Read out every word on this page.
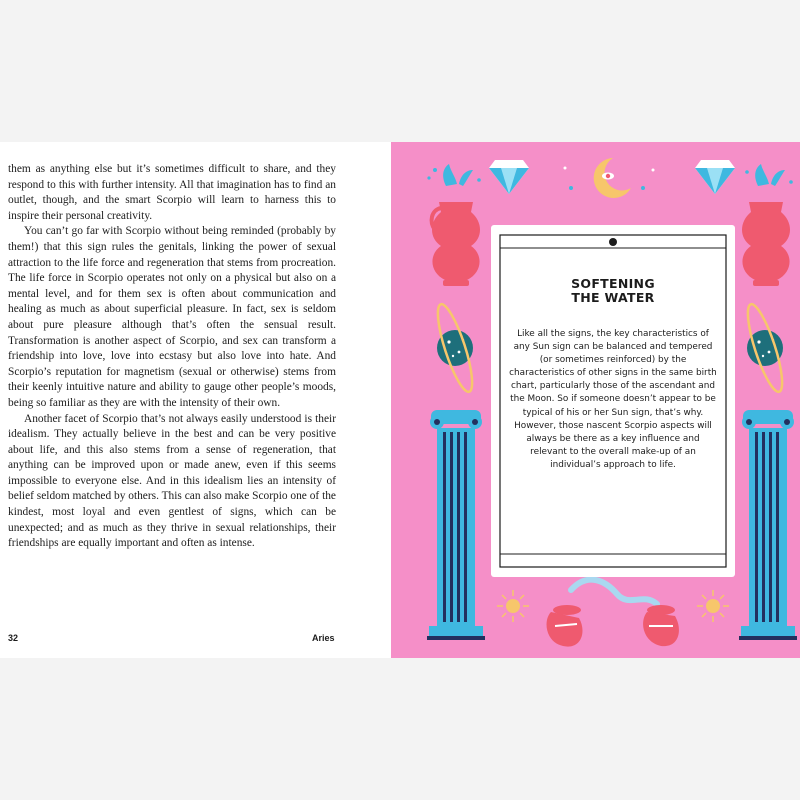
them as anything else but it’s sometimes difficult to share, and they respond to this with further intensity. All that imagination has to find an outlet, though, and the smart Scorpio will learn to harness this to inspire their personal creativity.

You can’t go far with Scorpio without being reminded (probably by them!) that this sign rules the genitals, linking the power of sexual attraction to the life force and regeneration that stems from procreation. The life force in Scorpio operates not only on a physical but also on a mental level, and for them sex is often about communication and healing as much as about superficial pleasure. In fact, sex is seldom about pure pleasure although that’s often the sensual result. Transformation is another aspect of Scorpio, and sex can transform a friendship into love, love into ecstasy but also love into hate. And Scorpio’s reputation for magnetism (sexual or otherwise) stems from their keenly intuitive nature and ability to gauge other people’s moods, being so familiar as they are with the intensity of their own.

Another facet of Scorpio that’s not always easily understood is their idealism. They actually believe in the best and can be very positive about life, and this also stems from a sense of regeneration, that anything can be improved upon or made anew, even if this seems impossible to everyone else. And in this idealism lies an intensity of belief seldom matched by others. This can also make Scorpio one of the kindest, most loyal and even gentlest of signs, which can be unexpected; and as much as they thrive in sexual relationships, their friendships are equally important and often as intense.

32	Aries
SOFTENING
THE WATER
Like all the signs, the key characteristics of any Sun sign can be balanced and tempered (or sometimes reinforced) by the characteristics of other signs in the same birth chart, particularly those of the ascendant and the Moon. So if someone doesn’t appear to be typical of his or her Sun sign, that’s why. However, those nascent Scorpio aspects will always be there as a key influence and relevant to the overall make-up of an individual’s approach to life.
